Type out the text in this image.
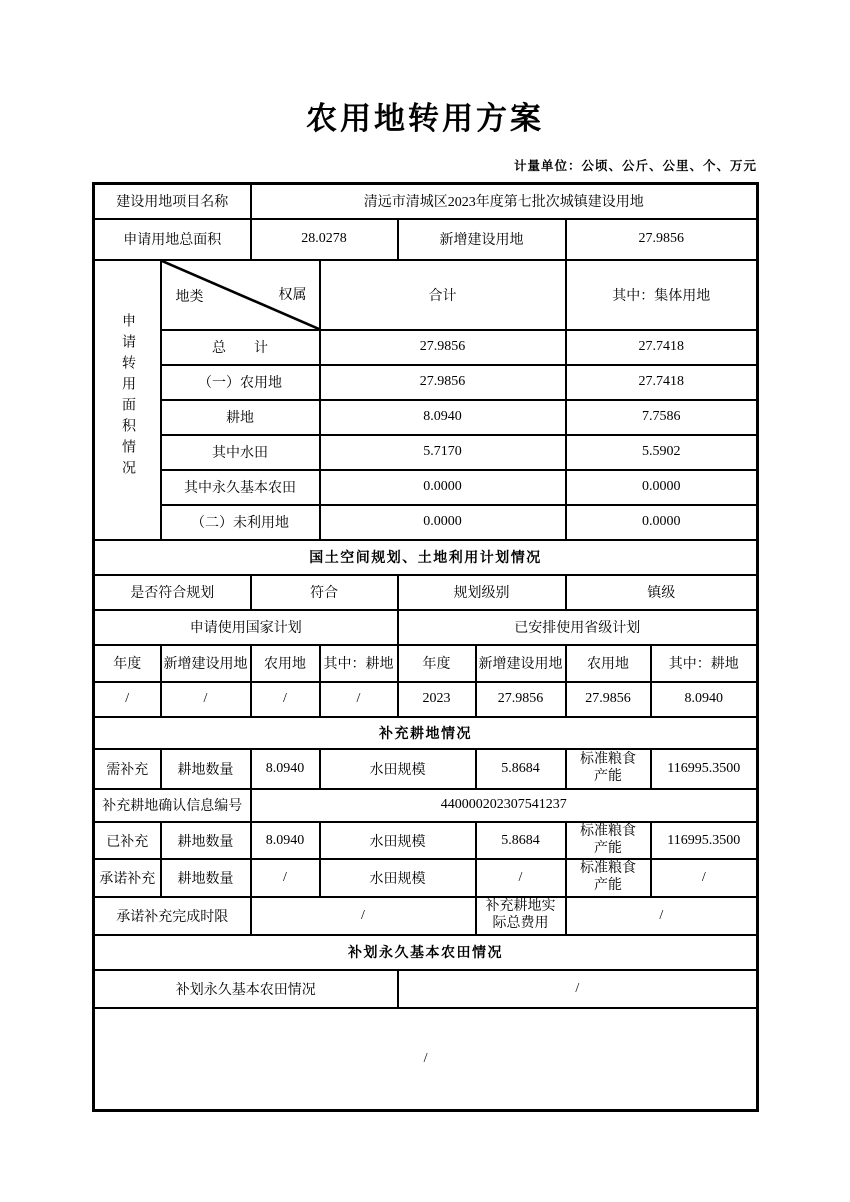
农用地转用方案
计量单位：公顷、公斤、公里、个、万元
建设用地项目名称		清远市清城区2023年度第七批次城镇建设用地					
申请用地总面积		28.0278		新增建设用地		27.9856	
申请转用面积情况	地类 权属		合计			其中：集体用地	
	总　　计		27.9856			27.7418	
	（一）农用地		27.9856			27.7418	
	耕地		8.0940			7.7586	
	其中水田		5.7170			5.5902	
	其中永久基本农田		0.0000			0.0000	
	（二）未利用地		0.0000			0.0000	
国土空间规划、土地利用计划情况							
是否符合规划		符合		规划级别		镇级	
申请使用国家计划				已安排使用省级计划			
年度	新增建设用地	农用地	其中：耕地	年度	新增建设用地	农用地	其中：耕地
/	/	/	/	2023	27.9856	27.9856	8.0940
补充耕地情况							
需补充	耕地数量	8.0940	水田规模		5.8684	标准粮食产能	116995.3500
补充耕地确认信息编号		440000202307541237					
已补充	耕地数量	8.0940	水田规模		5.8684	标准粮食产能	116995.3500
承诺补充	耕地数量	/	水田规模		/	标准粮食产能	/
承诺补充完成时限		/			补充耕地实际总费用	/	
补划永久基本农田情况							
补划永久基本农田情况				/			
/							
